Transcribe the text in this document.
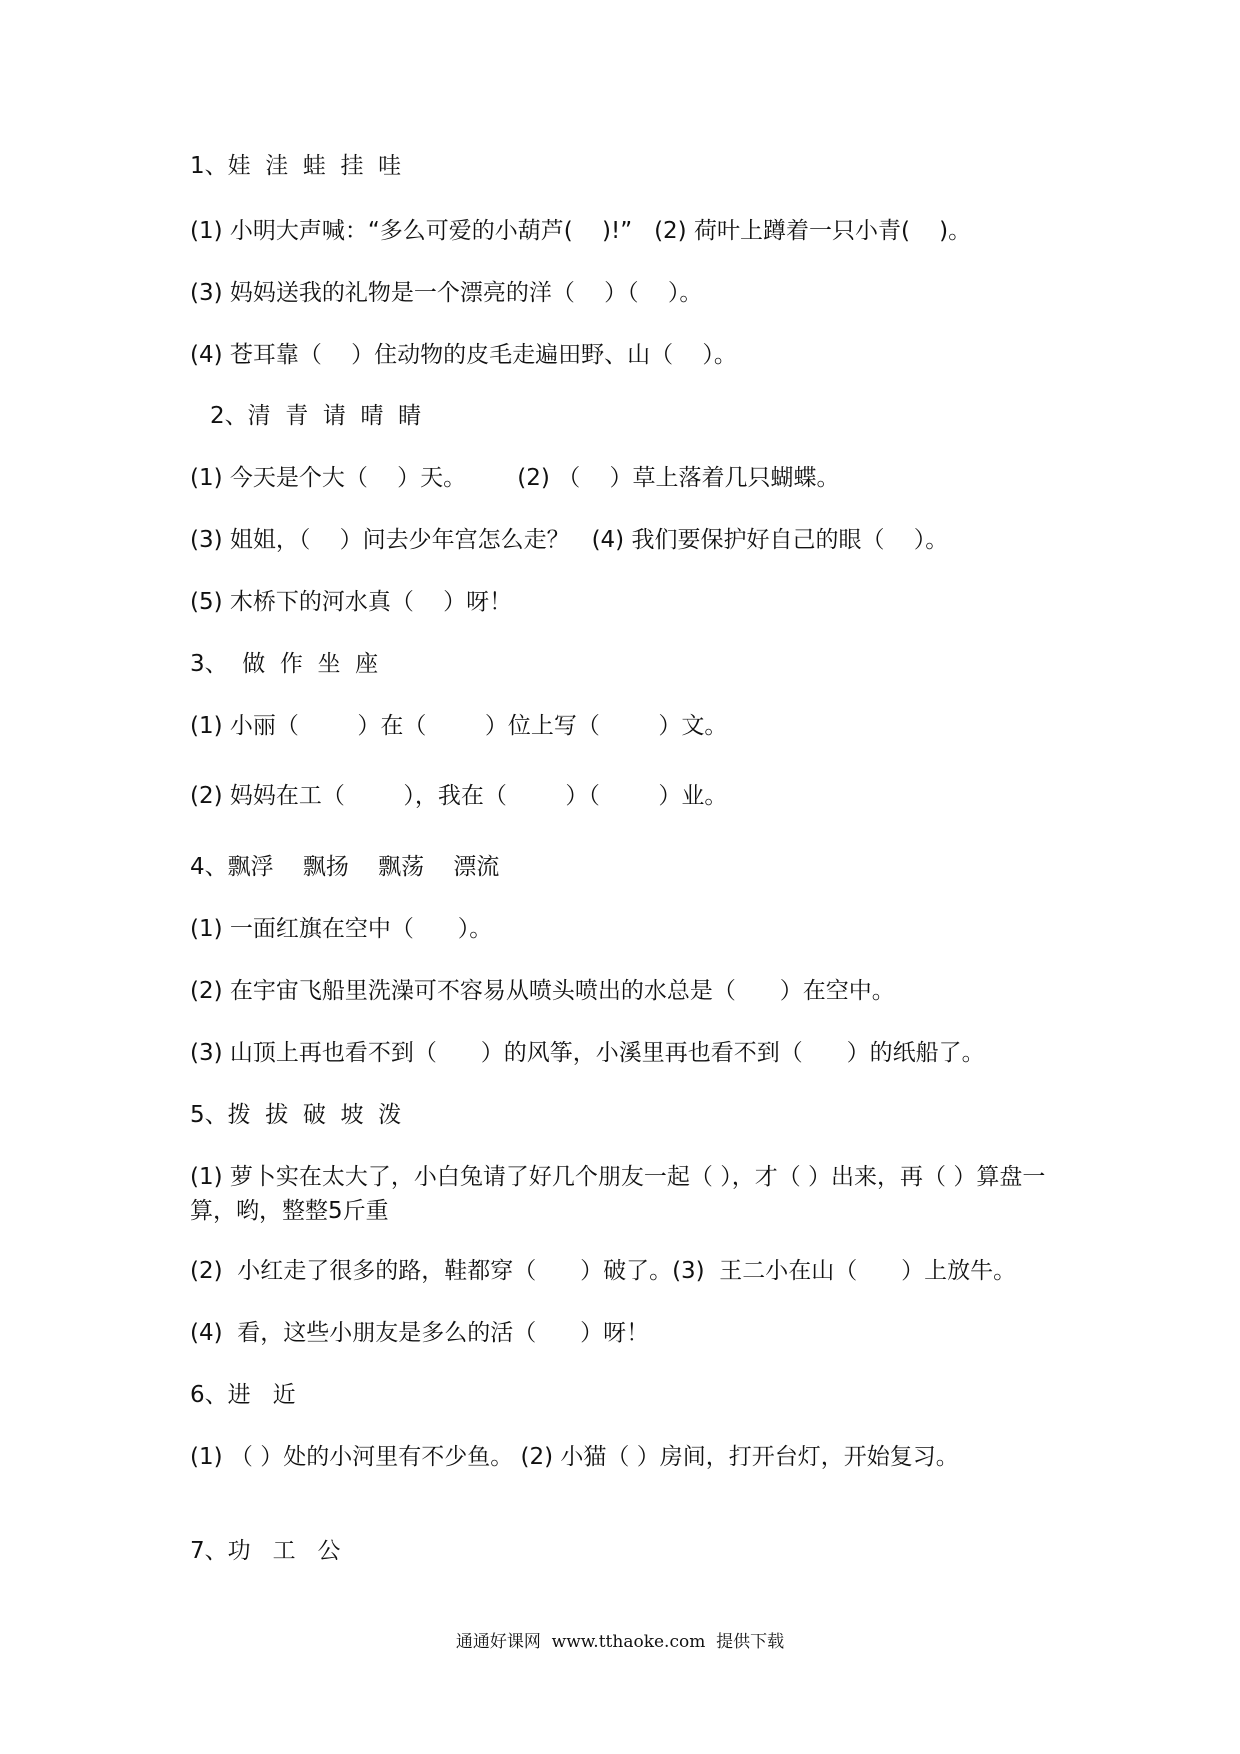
1、娃  洼  蛙  挂  哇
(1) 小明大声喊：“多么可爱的小葫芦(    )!”   (2) 荷叶上蹲着一只小青(    )。
(3) 妈妈送我的礼物是一个漂亮的洋（    ）（    ）。
(4) 苍耳靠（    ）住动物的皮毛走遍田野、山（    ）。
2、清  青  请  晴  睛
(1) 今天是个大（    ）天。       (2) （    ）草上落着几只蝴蝶。
(3) 姐姐，（    ）问去少年宫怎么走？   (4) 我们要保护好自己的眼（    ）。
(5) 木桥下的河水真（    ）呀！
3、  做  作  坐  座
(1) 小丽（        ）在（        ）位上写（        ）文。
(2) 妈妈在工（        ），我在（        ）（        ）业。
4、飘浮    飘扬    飘荡    漂流
(1) 一面红旗在空中（      ）。
(2) 在宇宙飞船里洗澡可不容易从喷头喷出的水总是（      ）在空中。
(3) 山顶上再也看不到（      ）的风筝，小溪里再也看不到（      ）的纸船了。
5、拨  拔  破  坡  泼
(1) 萝卜实在太大了，小白兔请了好几个朋友一起（ ），才（ ）出来，再（ ）算盘一算，哟，整整5斤重
(2)  小红走了很多的路，鞋都穿（      ）破了。(3)  王二小在山（      ）上放牛。
(4)  看，这些小朋友是多么的活（      ）呀！
6、进   近
(1) （ ）处的小河里有不少鱼。 (2) 小猫（ ）房间，打开台灯，开始复习。
7、功   工   公
通通好课网  www.tthaoke.com  提供下载
